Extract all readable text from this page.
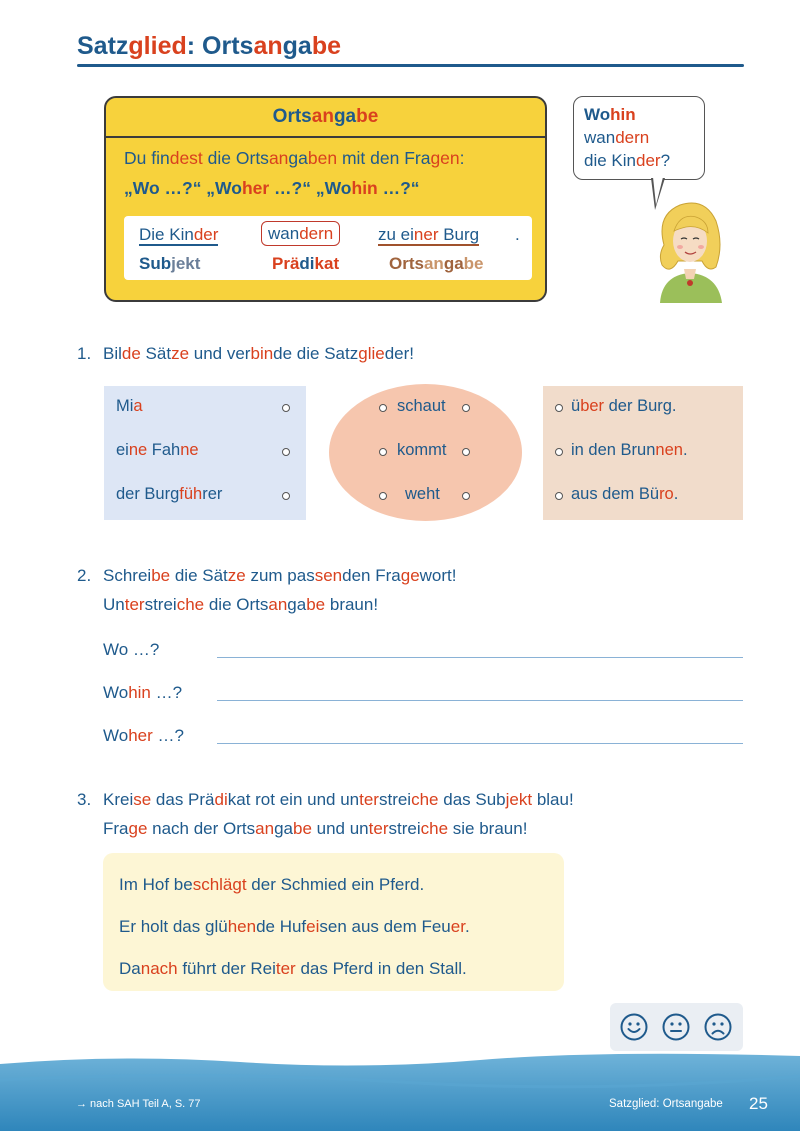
Satzglied: Ortsangabe
Ortsangabe
Du findest die Ortsangaben mit den Fragen:
„Wo …?“ „Woher …?“ „Wohin …?“
Die Kinder	wandern	zu einer Burg .
Subjekt	Prädikat	Ortsangabe
Wohin
wandern
die Kinder?
1. Bilde Sätze und verbinde die Satzglieder!
Mia
eine Fahne
der Burgführer
schaut
kommt
weht
über der Burg.
in den Brunnen.
aus dem Büro.
2. Schreibe die Sätze zum passenden Fragewort!
Unterstreiche die Ortsangabe braun!
Wo …?
Wohin …?
Woher …?
3. Kreise das Prädikat rot ein und unterstreiche das Subjekt blau!
Frage nach der Ortsangabe und unterstreiche sie braun!
Im Hof beschlägt der Schmied ein Pferd.
Er holt das glühende Hufeisen aus dem Feuer.
Danach führt der Reiter das Pferd in den Stall.
→ nach SAH Teil A, S. 77	Satzglied: Ortsangabe 25
